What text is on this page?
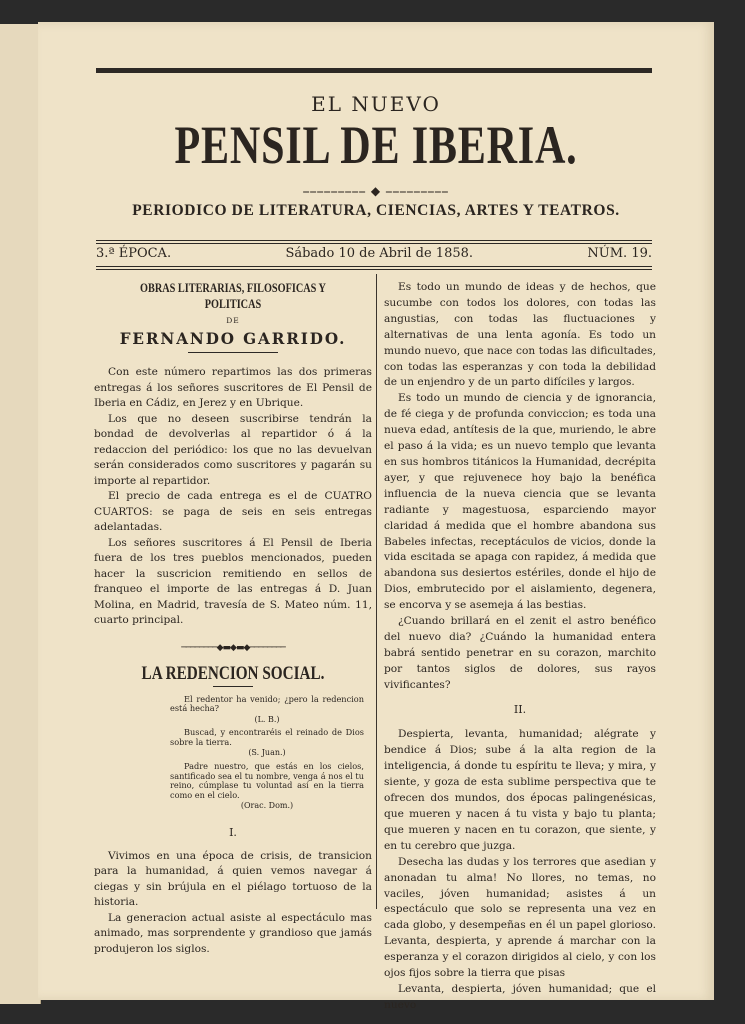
EL NUEVO
PENSIL DE IBERIA.
⎯⎯⎯⎯⎯⎯⎯⎯⎯ ◆ ⎯⎯⎯⎯⎯⎯⎯⎯⎯
PERIODICO DE LITERATURA, CIENCIAS, ARTES Y TEATROS.
3.ª ÉPOCA.	Sábado 10 de Abril de 1858.	NÚM. 19.
OBRAS LITERARIAS, FILOSOFICAS Y POLITICAS
DE
FERNANDO GARRIDO.

Con este número repartimos las dos primeras entregas á los señores suscritores de El Pensil de Iberia en Cádiz, en Jerez y en Ubrique.

Los que no deseen suscribirse tendrán la bondad de devolverlas al repartidor ó á la redaccion del periódico: los que no las devuelvan serán considerados como suscritores y pagarán su importe al repartidor.

El precio de cada entrega es el de CUATRO CUARTOS: se paga de seis en seis entregas adelantadas.

Los señores suscritores á El Pensil de Iberia fuera de los tres pueblos mencionados, pueden hacer la suscricion remitiendo en sellos de franqueo el importe de las entregas á D. Juan Molina, en Madrid, travesía de S. Mateo núm. 11, cuarto principal.

────────◆▬◆▬◆────────
LA REDENCION SOCIAL.

El redentor ha venido; ¿pero la redencion está hecha?

(L. B.)

Buscad, y encontraréis el reinado de Dios sobre la tierra.

(S. Juan.)

Padre nuestro, que estás en los cielos, santificado sea el tu nombre, venga á nos el tu reino, cúmplase tu voluntad así en la tierra como en el cielo.

(Orac. Dom.)
I.

Vivimos en una época de crisis, de transicion para la humanidad, á quien vemos navegar á ciegas y sin brújula en el piélago tortuoso de la historia.

La generacion actual asiste al espectáculo mas animado, mas sorprendente y grandioso que jamás produjeron los siglos.

Es todo un mundo de ideas y de hechos, que sucumbe con todos los dolores, con todas las angustias, con todas las fluctuaciones y alternativas de una lenta agonía. Es todo un mundo nuevo, que nace con todas las dificultades, con todas las esperanzas y con toda la debilidad de un enjendro y de un parto difíciles y largos.

Es todo un mundo de ciencia y de ignorancia, de fé ciega y de profunda conviccion; es toda una nueva edad, antítesis de la que, muriendo, le abre el paso á la vida; es un nuevo templo que levanta en sus hombros titánicos la Humanidad, decrépita ayer, y que rejuvenece hoy bajo la benéfica influencia de la nueva ciencia que se levanta radiante y magestuosa, esparciendo mayor claridad á medida que el hombre abandona sus Babeles infectas, receptáculos de vicios, donde la vida escitada se apaga con rapidez, á medida que abandona sus desiertos estériles, donde el hijo de Dios, embrutecido por el aislamiento, degenera, se encorva y se asemeja á las bestias.

¿Cuando brillará en el zenit el astro benéfico del nuevo dia? ¿Cuándo la humanidad entera babrá sentido penetrar en su corazon, marchito por tantos siglos de dolores, sus rayos vivificantes?

II.

Despierta, levanta, humanidad; alégrate y bendice á Dios; sube á la alta region de la inteligencia, á donde tu espíritu te lleva; y mira, y siente, y goza de esta sublime perspectiva que te ofrecen dos mundos, dos épocas palingenésicas, que mueren y nacen á tu vista y bajo tu planta; que mueren y nacen en tu corazon, que siente, y en tu cerebro que juzga.

Desecha las dudas y los terrores que asedian y anonadan tu alma! No llores, no temas, no vaciles, jóven humanidad; asistes á un espectáculo que solo se representa una vez en cada globo, y desempeñas en él un papel glorioso. Levanta, despierta, y aprende á marchar con la esperanza y el corazon dirigidos al cielo, y con los ojos fijos sobre la tierra que pisas

Levanta, despierta, jóven humanidad; que el nuevo
